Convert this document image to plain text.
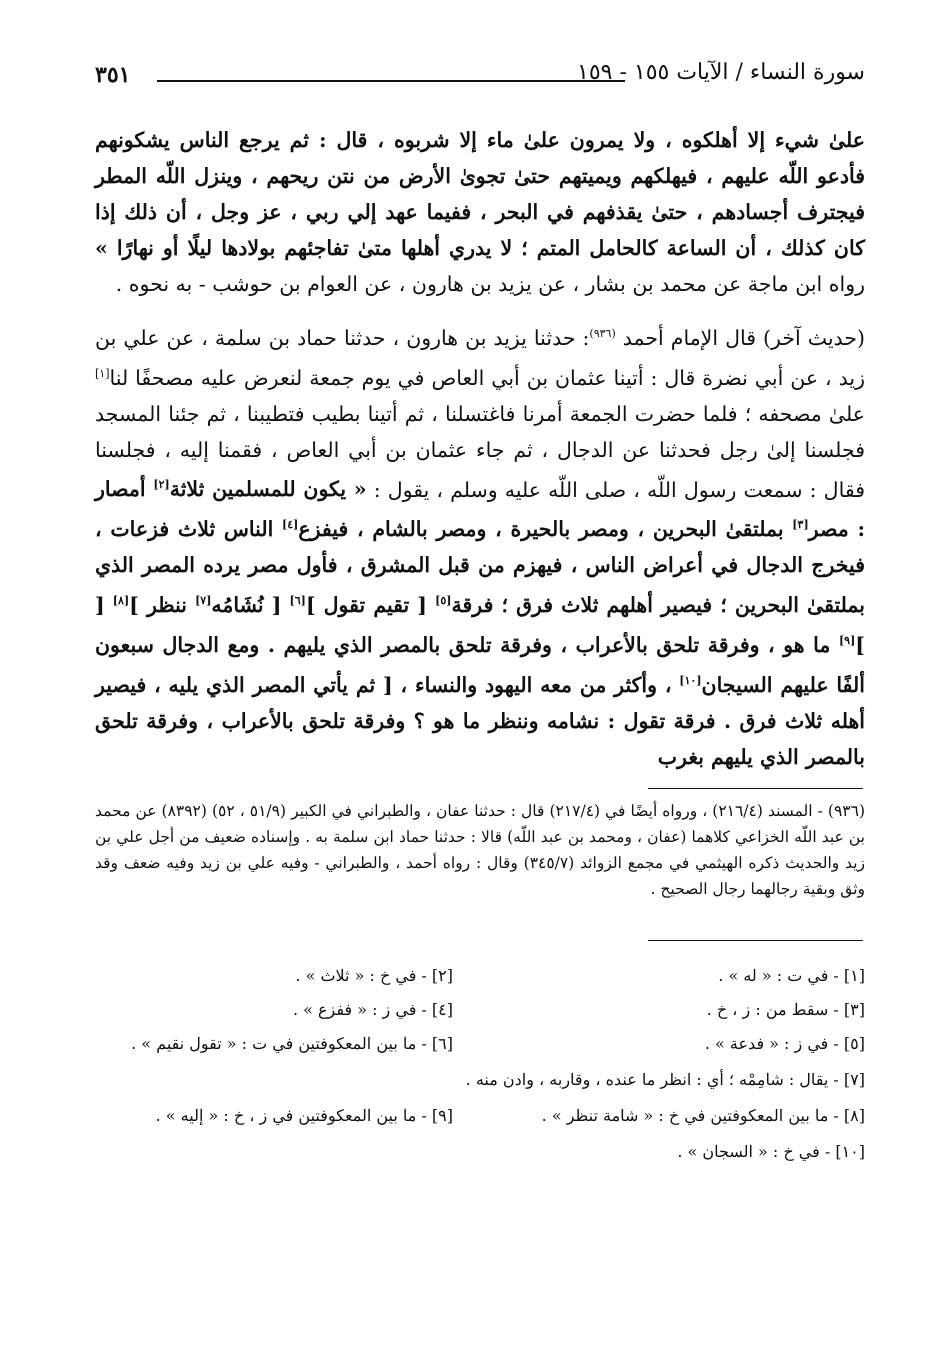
٣٥١	سورة النساء / الآيات ١٥٥ - ١٥٩
علىٰ شيء إلا أهلكوه ، ولا يمرون علىٰ ماء إلا شربوه ، قال : ثم يرجع الناس يشكونهم فأدعو اللّه عليهم ، فيهلكهم ويميتهم حتىٰ تجوىٰ الأرض من نتن ريحهم ، وينزل اللّه المطر فيجترف أجسادهم ، حتىٰ يقذفهم في البحر ، ففيما عهد إلي ربي ، عز وجل ، أن ذلك إذا كان كذلك ، أن الساعة كالحامل المتم ؛ لا يدري أهلها متىٰ تفاجئهم بولادها ليلًا أو نهارًا » رواه ابن ماجة عن محمد بن بشار ، عن يزيد بن هارون ، عن العوام بن حوشب - به نحوه .
(حديث آخر) قال الإمام أحمد $^{(٩٣٦)}$: حدثنا يزيد بن هارون ، حدثنا حماد بن سلمة ، عن علي بن زيد ، عن أبي نضرة قال : أتينا عثمان بن أبي العاص في يوم جمعة لنعرض عليه مصحفًا لنا[١] علىٰ مصحفه ؛ فلما حضرت الجمعة أمرنا فاغتسلنا ، ثم أتينا بطيب فتطيبنا ، ثم جئنا المسجد فجلسنا إلىٰ رجل فحدثنا عن الدجال ، ثم جاء عثمان بن أبي العاص ، فقمنا إليه ، فجلسنا فقال : سمعت رسول اللّه ، صلى اللّه عليه وسلم ، يقول : « يكون للمسلمين ثلاثة[٢] أمصار : مصر[٣] بملتقىٰ البحرين ، ومصر بالحيرة ، ومصر بالشام ، فيفزع[٤] الناس ثلاث فزعات ، فيخرج الدجال في أعراض الناس ، فيهزم من قبل المشرق ، فأول مصر يرده المصر الذي بملتقىٰ البحرين ؛ فيصير أهلهم ثلاث فرق ؛ فرقة[٥] [ تقيم تقول ][٦] [ نُشَامُه[٧] ننظر ][٨] [ ][٩] ما هو ، وفرقة تلحق بالأعراب ، وفرقة تلحق بالمصر الذي يليهم . ومع الدجال سبعون ألفًا عليهم السيجان[١٠] ، وأكثر من معه اليهود والنساء ، [ ثم يأتي المصر الذي يليه ، فيصير أهله ثلاث فرق . فرقة تقول : نشامه وننظر ما هو ؟ وفرقة تلحق بالأعراب ، وفرقة تلحق بالمصر الذي يليهم بغرب
(٩٣٦) - المسند (٢١٦/٤) ، ورواه أيضًا في (٢١٧/٤) قال : حدثنا عفان ، والطبراني في الكبير (٥١/٩ ، ٥٢) (٨٣٩٢) عن محمد بن عبد اللّه الخزاعي كلاهما (عفان ، ومحمد بن عبد اللّه) قالا : حدثنا حماد ابن سلمة به . وإسناده ضعيف من أجل علي بن زيد والحديث ذكره الهيثمي في مجمع الزوائد (٣٤٥/٧) وقال : رواه أحمد ، والطبراني - وفيه علي بن زيد وفيه ضعف وقد وثق وبقية رجالهما رجال الصحيح .
[١] - في ت : « له » .
[٢] - في خ : « ثلاث » .
[٣] - سقط من : ز ، خ .
[٤] - في ز : « ففزع » .
[٥] - في ز : « فدعة » .
[٦] - ما بين المعكوفتين في ت : « تقول نقيم » .
[٧] - يقال : شامِمْه ؛ أي : انظر ما عنده ، وقاربه ، وادن منه .
[٨] - ما بين المعكوفتين في خ : « شامة تنظر » .
[٩] - ما بين المعكوفتين في ز ، خ : « إليه » .
[١٠] - في خ : « السجان » .
